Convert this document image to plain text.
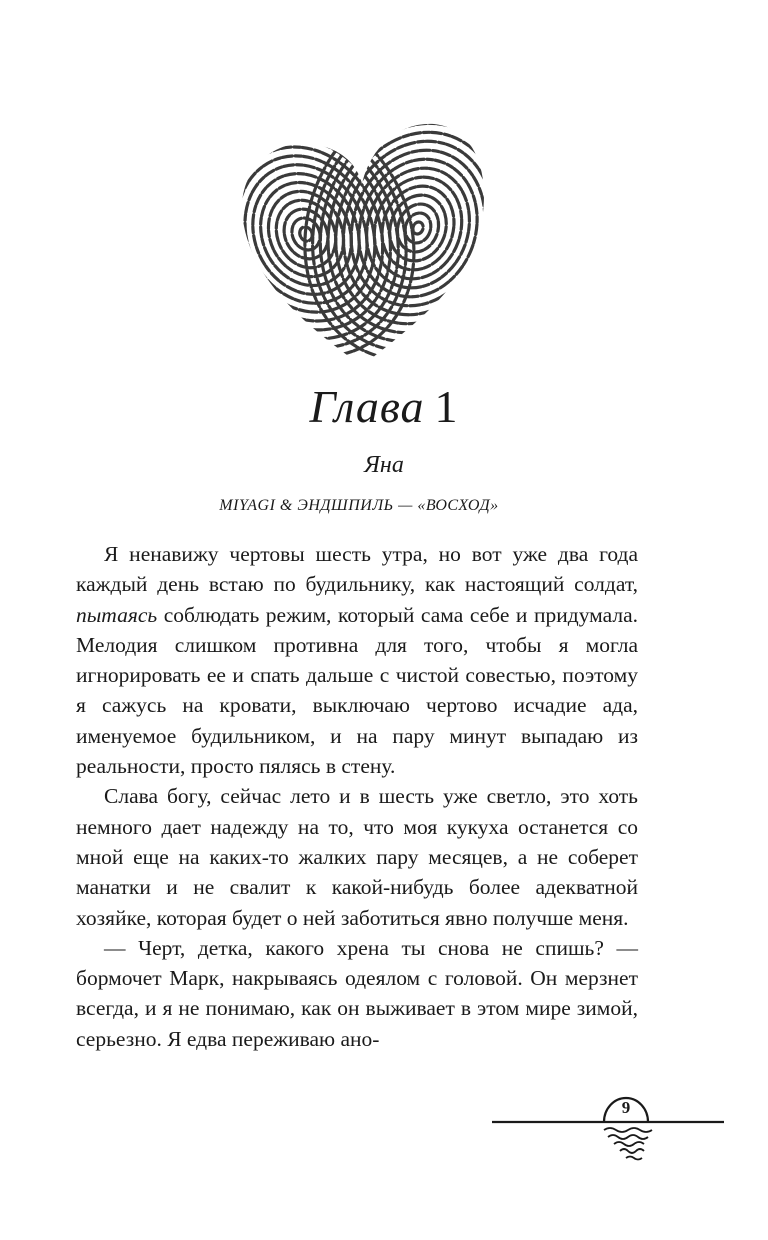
Глава 1
Яна
MIYAGI & ЭНДШПИЛЬ — «ВОСХОД»

Я ненавижу чертовы шесть утра, но вот уже два года каждый день встаю по будильнику, как настоящий солдат, пытаясь соблюдать режим, который сама себе и придумала. Мелодия слишком противна для того, чтобы я могла игнорировать ее и спать дальше с чистой совестью, поэтому я сажусь на кровати, выключаю чертово исчадие ада, именуемое будильником, и на пару минут выпадаю из реальности, просто пялясь в стену.

Слава богу, сейчас лето и в шесть уже светло, это хоть немного дает надежду на то, что моя кукуха останется со мной еще на каких-то жалких пару месяцев, а не соберет манатки и не свалит к какой-нибудь более адекватной хозяйке, которая будет о ней заботиться явно получше меня.

— Черт, детка, какого хрена ты снова не спишь? — бормочет Марк, накрываясь одеялом с головой. Он мерзнет всегда, и я не понимаю, как он выживает в этом мире зимой, серьезно. Я едва переживаю ано-

9
